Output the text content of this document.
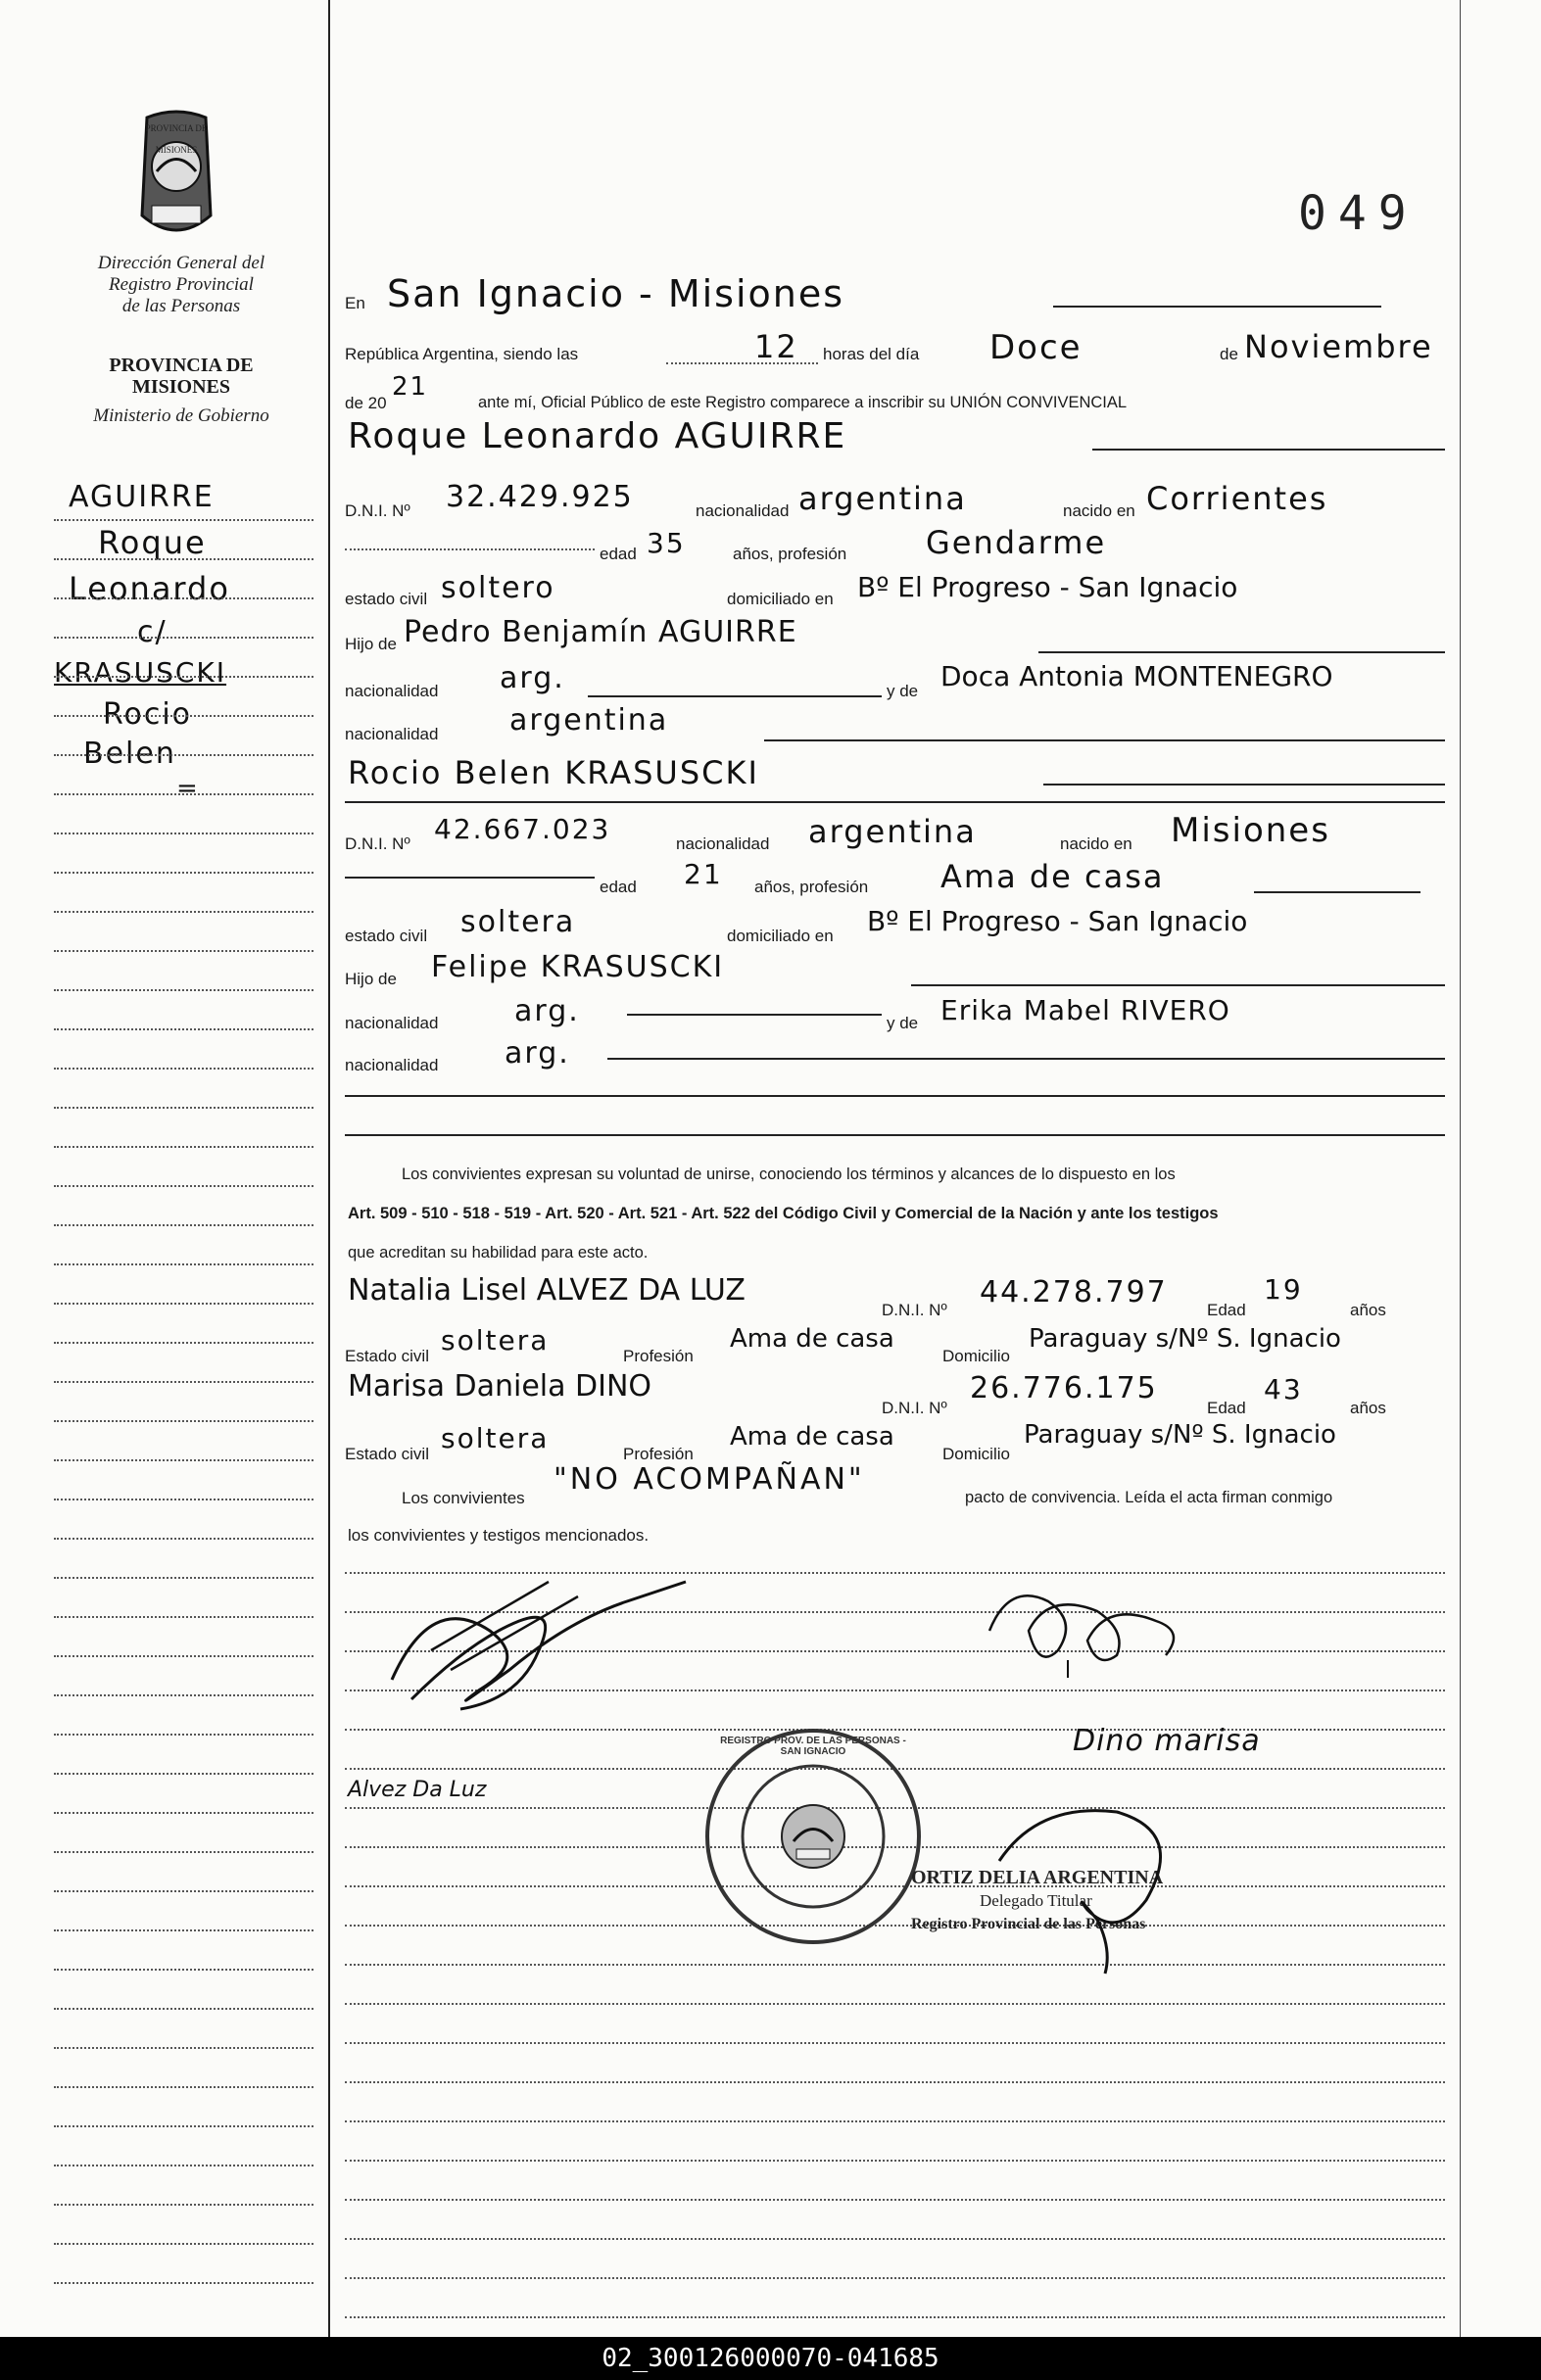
PROVINCIA DE MISIONES
Dirección General del
Registro Provincial
de las Personas
PROVINCIA DE
MISIONES
Ministerio de Gobierno
049
AGUIRRE
Roque
Leonardo
c/
KRASUSCKI
Rocio
Belen
=
En San Ignacio - Misiones
República Argentina, siendo las	12 horas del día Doce	de Noviembre
de 20
21
ante mí, Oficial Público de este Registro comparece a inscribir su UNIÓN CONVIVENCIAL
Roque Leonardo AGUIRRE
D.N.I. Nº 32.429.925	nacionalidad argentina	nacido en Corrientes
edad 35	años, profesión	Gendarme
estado civil soltero	domiciliado en Bº El Progreso - San Ignacio
Hijo de Pedro Benjamín AGUIRRE
nacionalidad arg.	y de Doca Antonia MONTENEGRO
nacionalidad argentina
Rocio Belen KRASUSCKI
D.N.I. Nº 42.667.023	nacionalidad argentina	nacido en Misiones
edad 21 años, profesión Ama de casa
estado civil soltera	domiciliado en Bº El Progreso - San Ignacio
Hijo de Felipe KRASUSCKI
nacionalidad	arg.	y de Erika Mabel RIVERO
nacionalidad arg.
Los convivientes expresan su voluntad de unirse, conociendo los términos y alcances de lo dispuesto en los
Art. 509 - 510 - 518 - 519 - Art. 520 - Art. 521 - Art. 522 del Código Civil y Comercial de la Nación y ante los testigos
que acreditan su habilidad para este acto.
Natalia Lisel ALVEZ DA LUZ
D.N.I. Nº
44.278.797
Edad
19
años
Estado civil soltera	Profesión
Ama de casa
Domicilio
Paraguay s/Nº S. Ignacio
Marisa Daniela DINO
D.N.I. Nº
26.776.175
Edad
43
años
Estado civil soltera	Profesión
Ama de casa
Domicilio
Paraguay s/Nº S. Ignacio
Los convivientes
"NO ACOMPAÑAN"
pacto de convivencia. Leída el acta firman conmigo
los convivientes y testigos mencionados.
Dino marisa
Alvez Da Luz
REGISTRO PROV. DE LAS PERSONAS - SAN IGNACIO
ORTIZ DELIA ARGENTINA
Delegado Titular
Registro Provincial de las Personas
02_300126000070-041685
